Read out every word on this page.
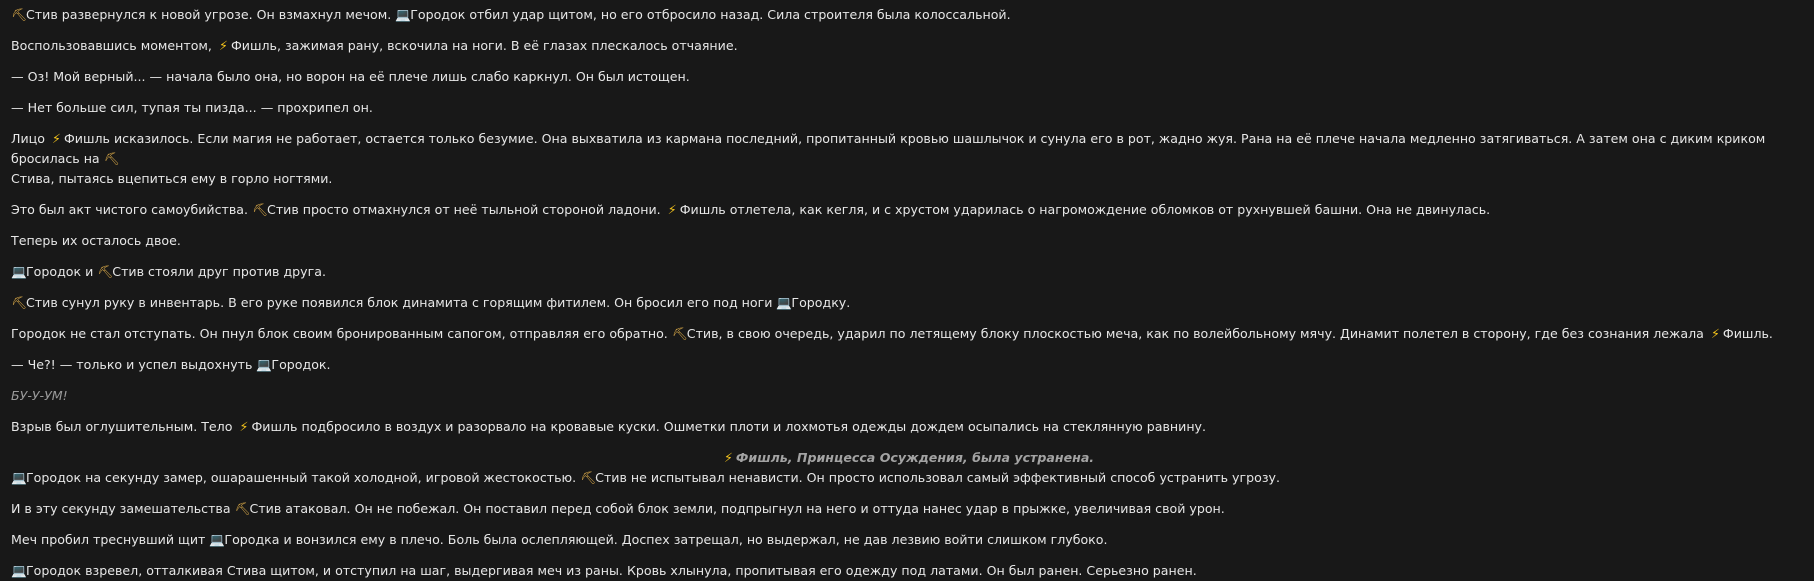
⛏Стив развернулся к новой угрозе. Он взмахнул мечом. 💻Городок отбил удар щитом, но его отбросило назад. Сила строителя была колоссальной.

Воспользовавшись моментом, ⚡ Фишль, зажимая рану, вскочила на ноги. В её глазах плескалось отчаяние.

— Оз! Мой верный... — начала было она, но ворон на её плече лишь слабо каркнул. Он был истощен.

— Нет больше сил, тупая ты пизда... — прохрипел он.

Лицо ⚡ Фишль исказилось. Если магия не работает, остается только безумие. Она выхватила из кармана последний, пропитанный кровью шашлычок и сунула его в рот, жадно жуя. Рана на её плече начала медленно затягиваться. А затем она с диким криком бросилась на ⛏
Стива, пытаясь вцепиться ему в горло ногтями.

Это был акт чистого самоубийства. ⛏Стив просто отмахнулся от неё тыльной стороной ладони. ⚡ Фишль отлетела, как кегля, и с хрустом ударилась о нагромождение обломков от рухнувшей башни. Она не двинулась.

Теперь их осталось двое.

💻Городок и ⛏Стив стояли друг против друга.

⛏Стив сунул руку в инвентарь. В его руке появился блок динамита с горящим фитилем. Он бросил его под ноги 💻Городку.

Городок не стал отступать. Он пнул блок своим бронированным сапогом, отправляя его обратно. ⛏Стив, в свою очередь, ударил по летящему блоку плоскостью меча, как по волейбольному мячу. Динамит полетел в сторону, где без сознания лежала ⚡ Фишль.

— Че?! — только и успел выдохнуть 💻Городок.

БУ-У-УМ!

Взрыв был оглушительным. Тело ⚡ Фишль подбросило в воздух и разорвало на кровавые куски. Ошметки плоти и лохмотья одежды дождем осыпались на стеклянную равнину.

⚡ Фишль, Принцесса Осуждения, была устранена.

💻Городок на секунду замер, ошарашенный такой холодной, игровой жестокостью. ⛏Стив не испытывал ненависти. Он просто использовал самый эффективный способ устранить угрозу.

И в эту секунду замешательства ⛏Стив атаковал. Он не побежал. Он поставил перед собой блок земли, подпрыгнул на него и оттуда нанес удар в прыжке, увеличивая свой урон.

Меч пробил треснувший щит 💻Городка и вонзился ему в плечо. Боль была ослепляющей. Доспех затрещал, но выдержал, не дав лезвию войти слишком глубоко.

💻Городок взревел, отталкивая Стива щитом, и отступил на шаг, выдергивая меч из раны. Кровь хлынула, пропитывая его одежду под латами. Он был ранен. Серьезно ранен.
